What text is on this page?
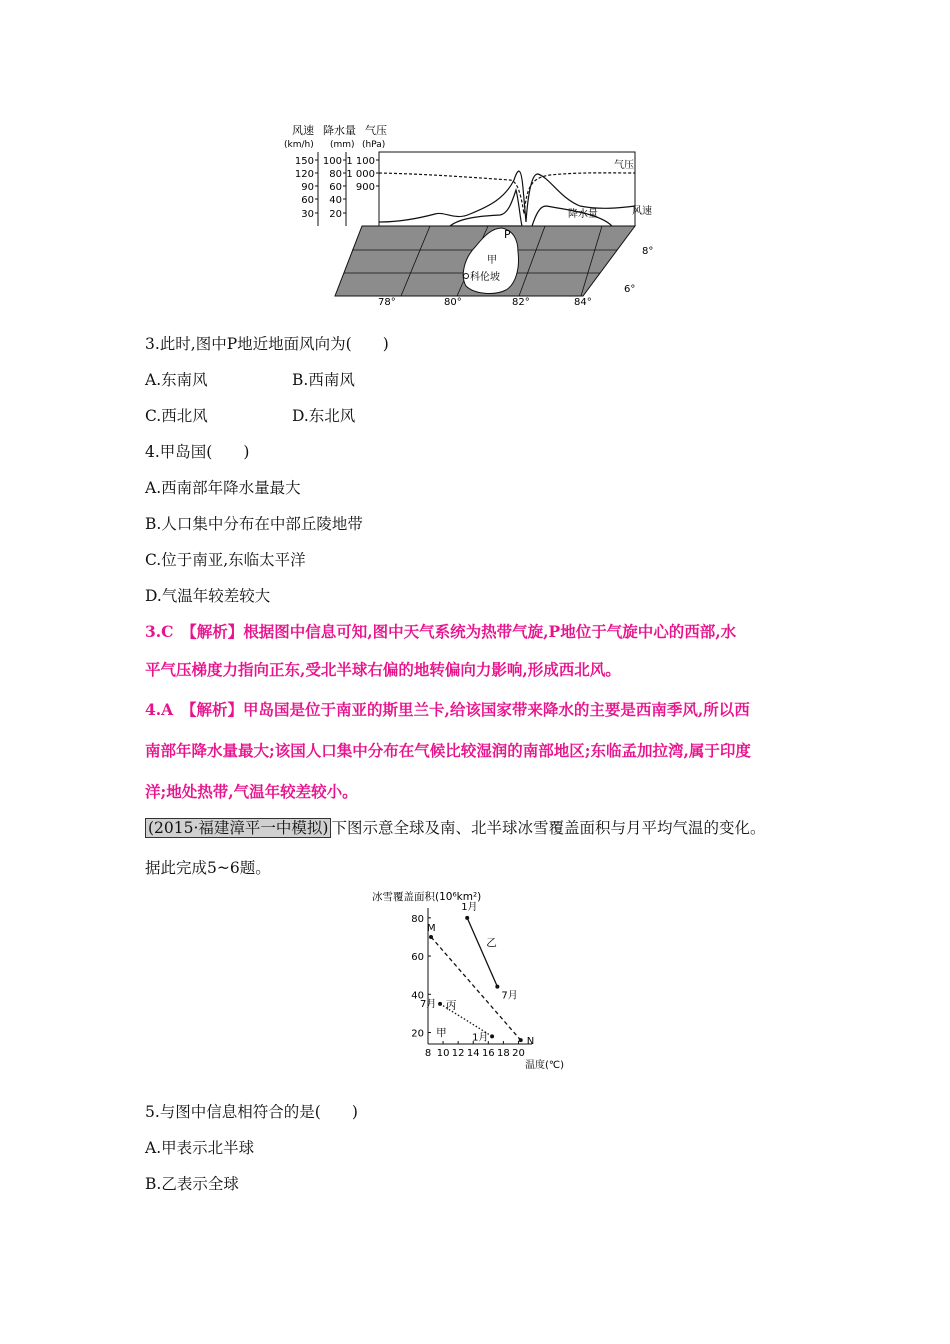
风速
(km/h)
降水量
(mm)
气压
(hPa)
150
120
90
60
30
100
80
60
40
20
1 100
1 000
900
气压
风速
降水量
P
甲
科伦坡
78°	80°	82°	84°
8°
6°
3.此时,图中P地近地面风向为(　　)
A.东南风	B.西南风
C.西北风	D.东北风
4.甲岛国(　　)
A.西南部年降水量最大
B.人口集中分布在中部丘陵地带
C.位于南亚,东临太平洋
D.气温年较差较大
3.C　【解析】根据图中信息可知,图中天气系统为热带气旋,P地位于气旋中心的西部,水
平气压梯度力指向正东,受北半球右偏的地转偏向力影响,形成西北风。
4.A　【解析】甲岛国是位于南亚的斯里兰卡,给该国家带来降水的主要是西南季风,所以西
南部年降水量最大;该国人口集中分布在气候比较湿润的南部地区;东临孟加拉湾,属于印度
洋;地处热带,气温年较差较小。
(2015·福建漳平一中模拟) 下图示意全球及南、北半球冰雪覆盖面积与月平均气温的变化。
据此完成5~6题。
冰雪覆盖面积(10⁶km²)
温度(℃)
8 10 12 14 16 18 20
20
40
60
80
1月
7月
乙
M
N
丙
7月
1月
甲
5.与图中信息相符合的是(　　)
A.甲表示北半球
B.乙表示全球
